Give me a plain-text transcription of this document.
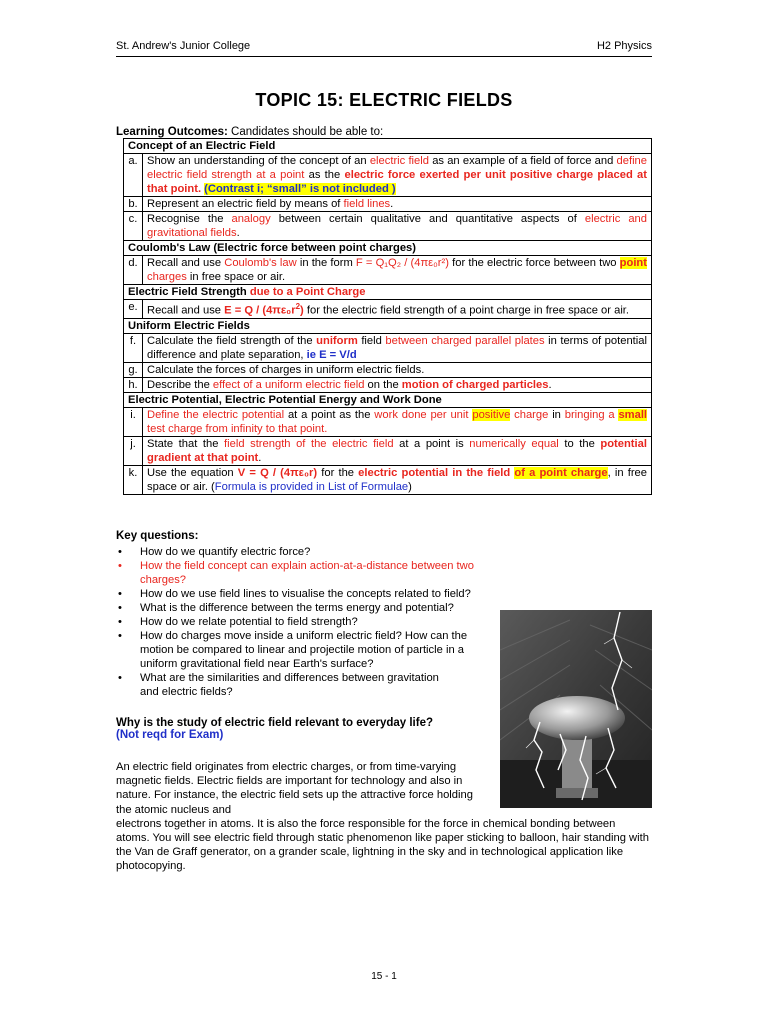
St. Andrew's Junior College	H2 Physics
TOPIC 15: ELECTRIC FIELDS
Learning Outcomes: Candidates should be able to:
Concept of an Electric Field	
a.	Show an understanding of the concept of an electric field as an example of a field of force and define electric field strength at a point as the electric force exerted per unit positive charge placed at that point. (Contrast i; “small” is not included )
b.	Represent an electric field by means of field lines.
c.	Recognise the analogy between certain qualitative and quantitative aspects of electric and gravitational fields.
Coulomb's Law (Electric force between point charges)	
d.	Recall and use Coulomb's law in the form F = Q₁Q₂ / (4πε₀r²) for the electric force between two point charges in free space or air.
Electric Field Strength due to a Point Charge	
e.	Recall and use $E = Q / (4\pi\varepsilon_0r^2)$ for the electric field strength of a point charge in free space or air.
Uniform Electric Fields	
f.	Calculate the field strength of the uniform field between charged parallel plates in terms of potential difference and plate separation, ie E = V/d
g.	Calculate the forces of charges in uniform electric fields.
h.	Describe the effect of a uniform electric field on the motion of charged particles.
Electric Potential, Electric Potential Energy and Work Done	
i.	Define the electric potential at a point as the work done per unit positive charge in bringing a small test charge from infinity to that point.
j.	State that the field strength of the electric field at a point is numerically equal to the potential gradient at that point.
k.	Use the equation V = Q / (4πε₀r) for the electric potential in the field of a point charge, in free space or air. (Formula is provided in List of Formulae)
Key questions:
• How do we quantify electric force?
• How the field concept can explain action-at-a-distance between two charges?
• How do we use field lines to visualise the concepts related to field?
• What is the difference between the terms energy and potential?
• How do we relate potential to field strength?
• How do charges move inside a uniform electric field? How can the motion be compared to linear and projectile motion of particle in a uniform gravitational field near Earth's surface?
• What are the similarities and differences between gravitation and electric fields?
Why is the study of electric field relevant to everyday life?
(Not reqd for Exam)
An electric field originates from electric charges, or from time-varying magnetic fields. Electric fields are important for technology and also in nature. For instance, the electric field sets up the attractive force holding the atomic nucleus and
electrons together in atoms. It is also the force responsible for the force in chemical bonding between atoms. You will see electric field through static phenomenon like paper sticking to balloon, hair standing with the Van de Graff generator, on a grander scale, lightning in the sky and in technological application like photocopying.
15 - 1
